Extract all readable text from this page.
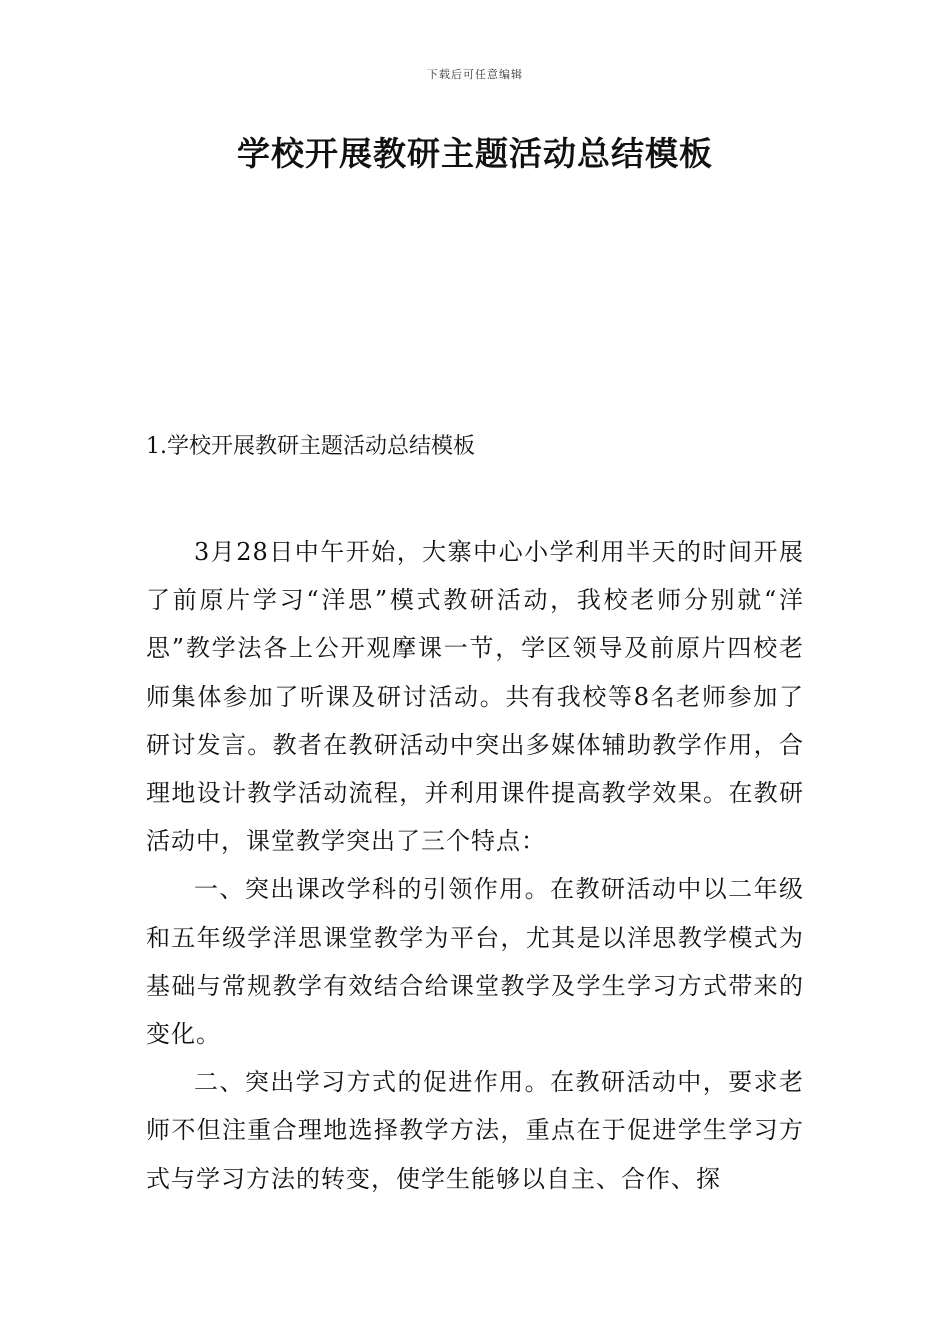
下载后可任意编辑
学校开展教研主题活动总结模板
1.学校开展教研主题活动总结模板

3月28日中午开始，大寨中心小学利用半天的时间开展了前原片学习“洋思”模式教研活动，我校老师分别就“洋思”教学法各上公开观摩课一节，学区领导及前原片四校老师集体参加了听课及研讨活动。共有我校等8名老师参加了研讨发言。教者在教研活动中突出多媒体辅助教学作用，合理地设计教学活动流程，并利用课件提高教学效果。在教研活动中，课堂教学突出了三个特点：

一、突出课改学科的引领作用。在教研活动中以二年级和五年级学洋思课堂教学为平台，尤其是以洋思教学模式为基础与常规教学有效结合给课堂教学及学生学习方式带来的变化。

二、突出学习方式的促进作用。在教研活动中，要求老师不但注重合理地选择教学方法，重点在于促进学生学习方式与学习方法的转变，使学生能够以自主、合作、探
